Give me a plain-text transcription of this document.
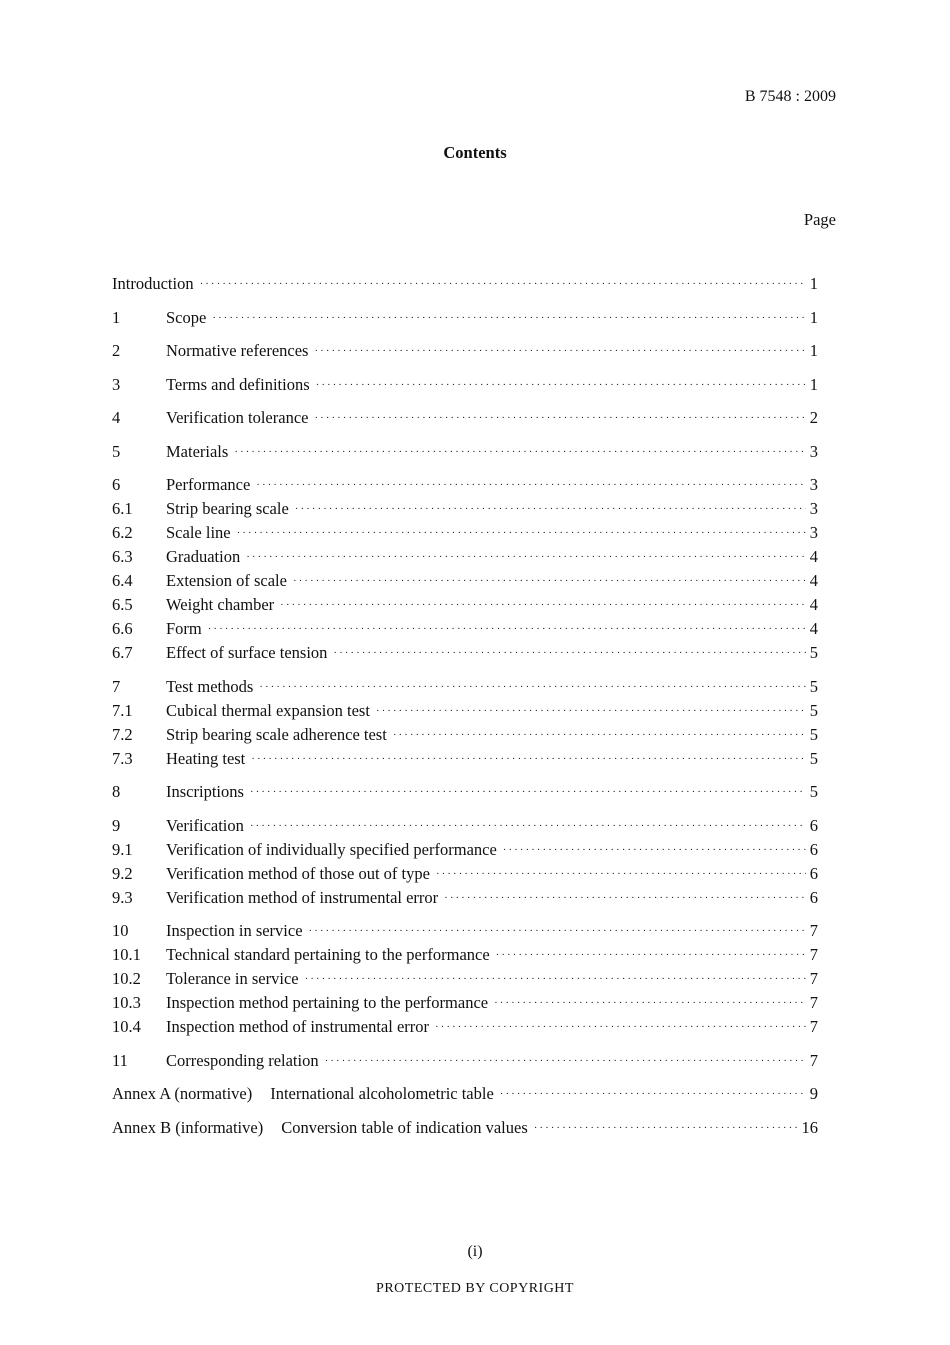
B 7548 : 2009
Contents
Page
Introduction ·····	1
1	Scope ·····	1
2	Normative references ·····	1
3	Terms and definitions ·····	1
4	Verification tolerance ·····	2
5	Materials ·····	3
6	Performance ·····	3
6.1	Strip bearing scale ·····	3
6.2	Scale line ·····	3
6.3	Graduation ·····	4
6.4	Extension of scale ·····	4
6.5	Weight chamber ·····	4
6.6	Form ·····	4
6.7	Effect of surface tension ·····	5
7	Test methods ·····	5
7.1	Cubical thermal expansion test ·····	5
7.2	Strip bearing scale adherence test ·····	5
7.3	Heating test ·····	5
8	Inscriptions ·····	5
9	Verification ·····	6
9.1	Verification of individually specified performance ·····	6
9.2	Verification method of those out of type ·····	6
9.3	Verification method of instrumental error ·····	6
10	Inspection in service ·····	7
10.1	Technical standard pertaining to the performance ·····	7
10.2	Tolerance in service ·····	7
10.3	Inspection method pertaining to the performance ·····	7
10.4	Inspection method of instrumental error ·····	7
11	Corresponding relation ·····	7
Annex A (normative) International alcoholometric table ·····	9
Annex B (informative) Conversion table of indication values ·····	16
(i)
PROTECTED BY COPYRIGHT
